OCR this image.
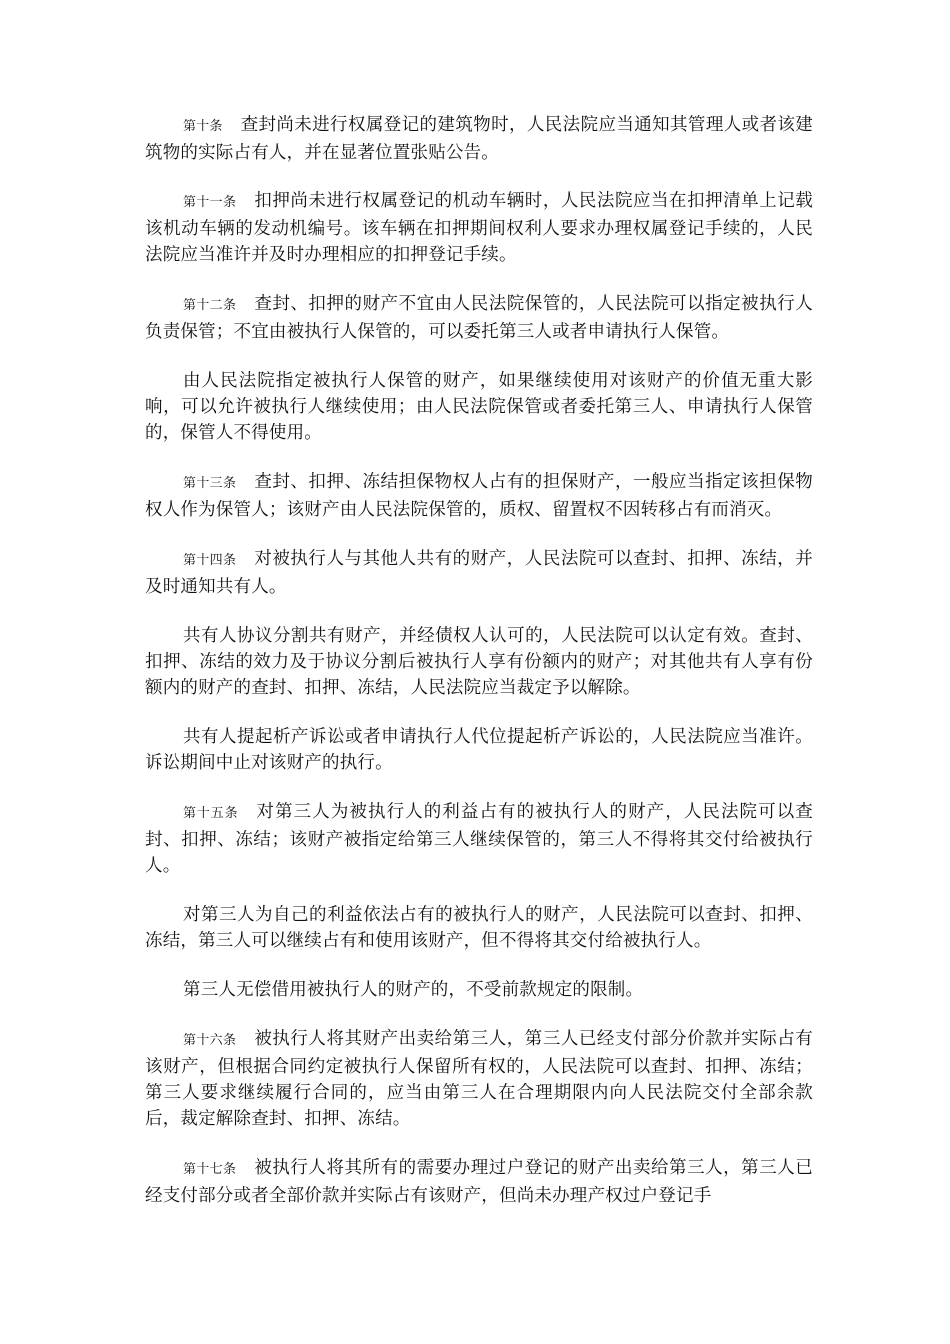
第十条 查封尚未进行权属登记的建筑物时，人民法院应当通知其管理人或者该建筑物的实际占有人，并在显著位置张贴公告。

第十一条 扣押尚未进行权属登记的机动车辆时，人民法院应当在扣押清单上记载该机动车辆的发动机编号。该车辆在扣押期间权利人要求办理权属登记手续的，人民法院应当准许并及时办理相应的扣押登记手续。

第十二条 查封、扣押的财产不宜由人民法院保管的，人民法院可以指定被执行人负责保管；不宜由被执行人保管的，可以委托第三人或者申请执行人保管。

由人民法院指定被执行人保管的财产，如果继续使用对该财产的价值无重大影响，可以允许被执行人继续使用；由人民法院保管或者委托第三人、申请执行人保管的，保管人不得使用。

第十三条 查封、扣押、冻结担保物权人占有的担保财产，一般应当指定该担保物权人作为保管人；该财产由人民法院保管的，质权、留置权不因转移占有而消灭。

第十四条 对被执行人与其他人共有的财产，人民法院可以查封、扣押、冻结，并及时通知共有人。

共有人协议分割共有财产，并经债权人认可的，人民法院可以认定有效。查封、扣押、冻结的效力及于协议分割后被执行人享有份额内的财产；对其他共有人享有份额内的财产的查封、扣押、冻结，人民法院应当裁定予以解除。

共有人提起析产诉讼或者申请执行人代位提起析产诉讼的，人民法院应当准许。诉讼期间中止对该财产的执行。

第十五条 对第三人为被执行人的利益占有的被执行人的财产，人民法院可以查封、扣押、冻结；该财产被指定给第三人继续保管的，第三人不得将其交付给被执行人。

对第三人为自己的利益依法占有的被执行人的财产，人民法院可以查封、扣押、冻结，第三人可以继续占有和使用该财产，但不得将其交付给被执行人。

第三人无偿借用被执行人的财产的，不受前款规定的限制。

第十六条 被执行人将其财产出卖给第三人，第三人已经支付部分价款并实际占有该财产，但根据合同约定被执行人保留所有权的，人民法院可以查封、扣押、冻结；第三人要求继续履行合同的，应当由第三人在合理期限内向人民法院交付全部余款后，裁定解除查封、扣押、冻结。

第十七条 被执行人将其所有的需要办理过户登记的财产出卖给第三人，第三人已经支付部分或者全部价款并实际占有该财产，但尚未办理产权过户登记手
